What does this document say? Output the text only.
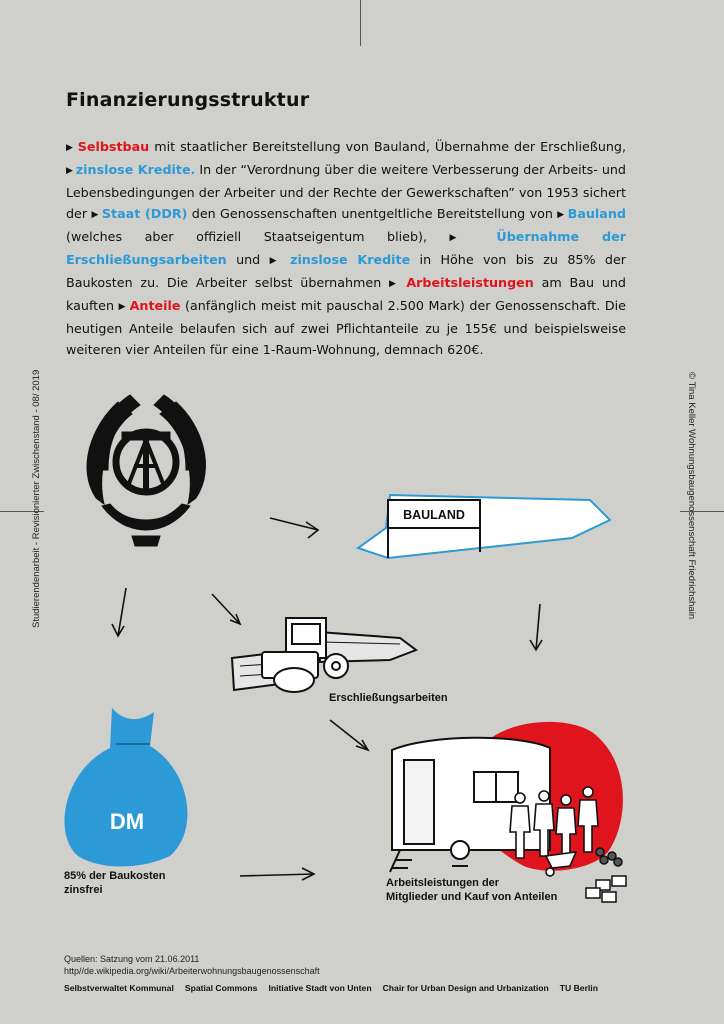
Studierendenarbeit - Revisionierter Zwischenstand - 08/ 2019	© Tina Keller Wohnungsbaugenossenschaft Friedrichshain
Finanzierungsstruktur
▶ Selbstbau mit staatlicher Bereitstellung von Bauland, Übernahme der Erschließung, ▶ zinslose Kredite. In der “Verordnung über die weitere Verbesserung der Arbeits- und Lebensbedingungen der Arbeiter und der Rechte der Gewerkschaften” von 1953 sichert der ▶ Staat (DDR) den Genossenschaften unentgeltliche Bereitstellung von ▶ Bauland (welches aber offiziell Staatseigentum blieb), ▶ Übernahme der Erschließungsarbeiten und ▶ zinslose Kredite in Höhe von bis zu 85% der Baukosten zu. Die Arbeiter selbst übernahmen ▶ Arbeitsleistungen am Bau und kauften ▶ Anteile (anfänglich meist mit pauschal 2.500 Mark) der Genossenschaft. Die heutigen Anteile belaufen sich auf zwei Pflichtanteile zu je 155€ und beispielsweise weiteren vier Anteilen für eine 1-Raum-Wohnung, demnach 620€.
BAULAND
Erschließungsarbeiten
DM
85% der Baukosten
zinsfrei
Arbeitsleistungen der
Mitglieder und Kauf von Anteilen
Quellen: Satzung vom 21.06.2011
http//de.wikipedia.org/wiki/Arbeiterwohnungsbaugenossenschaft
Selbstverwaltet Kommunal Spatial Commons Initiative Stadt von Unten Chair for Urban Design and Urbanization TU Berlin
